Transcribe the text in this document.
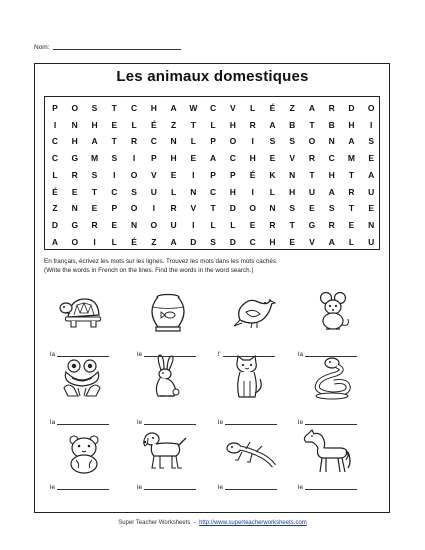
Nom:
Les animaux domestiques
P	O	S	T	C	H	A	W	C	V	L	É	Z	A	R	D	O
I	N	H	E	L	É	Z	T	L	H	R	A	B	T	B	H	I
C	H	A	T	R	C	N	L	P	O	I	S	S	O	N	A	S
C	G	M	S	I	P	H	E	A	C	H	E	V	R	C	M	E
L	R	S	I	O	V	E	I	P	P	É	K	N	T	H	T	A
É	E	T	C	S	U	L	N	C	H	I	L	H	U	A	R	U
Z	N	E	P	O	I	R	V	T	D	O	N	S	E	S	T	E
D	G	R	E	N	O	U	I	L	L	E	R	T	G	R	E	N
A	O	I	L	É	Z	A	D	S	D	C	H	E	V	A	L	U
En français, écrivez les mots sur les lignes. Trouvez les mots dans les mots cachés.
(Write the words in French on the lines. Find the words in the word search.)
la	le	l'	la
la	le	le	le
le	le	le	le
Super Teacher Worksheets - http://www.superteacherworksheets.com
